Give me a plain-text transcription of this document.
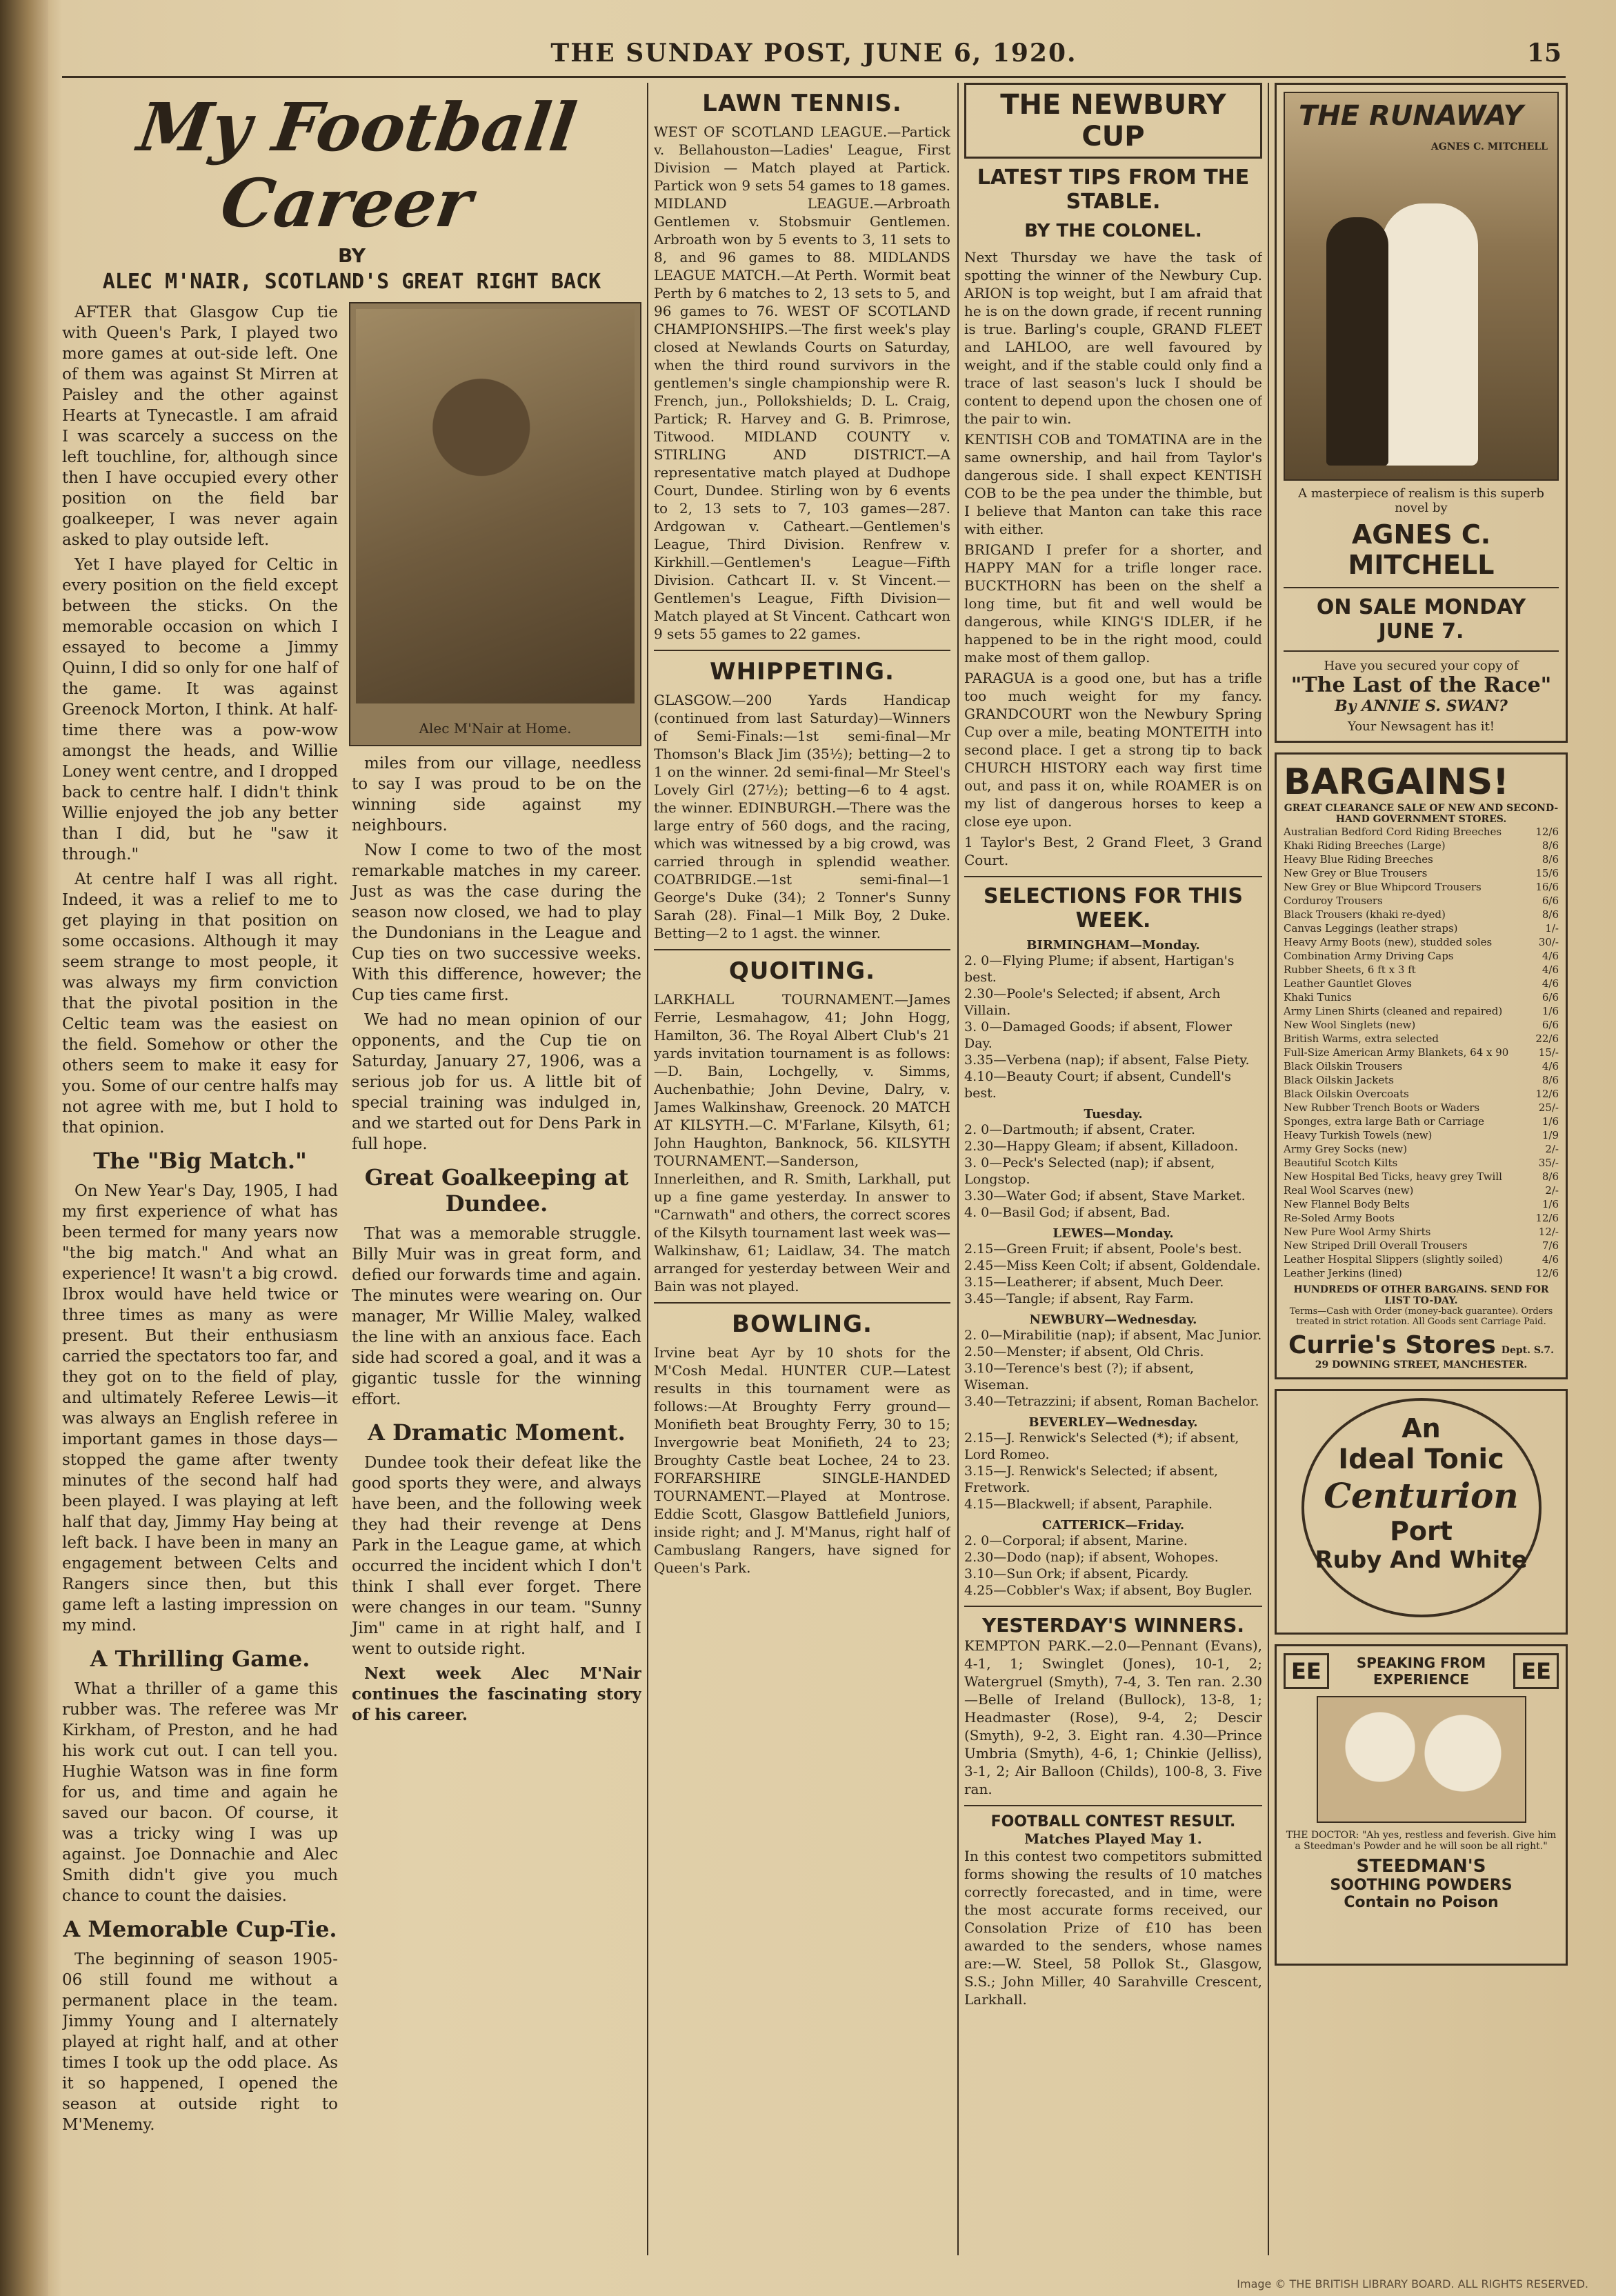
THE SUNDAY POST, JUNE 6, 1920.	15
My Football Career
BY
ALEC M'NAIR, SCOTLAND'S GREAT RIGHT BACK
Alec M'Nair at Home.

AFTER that Glasgow Cup tie with Queen's Park, I played two more games at out-side left. One of them was against St Mirren at Paisley and the other against Hearts at Tynecastle. I am afraid I was scarcely a success on the left touchline, for, although since then I have occupied every other position on the field bar goalkeeper, I was never again asked to play outside left.

Yet I have played for Celtic in every position on the field except between the sticks. On the memorable occasion on which I essayed to become a Jimmy Quinn, I did so only for one half of the game. It was against Greenock Morton, I think. At half-time there was a pow-wow amongst the heads, and Willie Loney went centre, and I dropped back to centre half. I didn't think Willie enjoyed the job any better than I did, but he "saw it through."

At centre half I was all right. Indeed, it was a relief to me to get playing in that position on some occasions. Although it may seem strange to most people, it was always my firm conviction that the pivotal position in the Celtic team was the easiest on the field. Somehow or other the others seem to make it easy for you. Some of our centre halfs may not agree with me, but I hold to that opinion.

The "Big Match."

On New Year's Day, 1905, I had my first experience of what has been termed for many years now "the big match." And what an experience! It wasn't a big crowd. Ibrox would have held twice or three times as many as were present. But their enthusiasm carried the spectators too far, and they got on to the field of play, and ultimately Referee Lewis—it was always an English referee in important games in those days—stopped the game after twenty minutes of the second half had been played. I was playing at left half that day, Jimmy Hay being at left back. I have been in many an engagement between Celts and Rangers since then, but this game left a lasting impression on my mind.

A Thrilling Game.

What a thriller of a game this rubber was. The referee was Mr Kirkham, of Preston, and he had his work cut out. I can tell you. Hughie Watson was in fine form for us, and time and again he saved our bacon. Of course, it was a tricky wing I was up against. Joe Donnachie and Alec Smith didn't give you much chance to count the daisies.

A Memorable Cup-Tie.

The beginning of season 1905-06 still found me without a permanent place in the team. Jimmy Young and I alternately played at right half, and at other times I took up the odd place. As it so happened, I opened the season at outside right to M'Menemy.

miles from our village, needless to say I was proud to be on the winning side against my neighbours.

Now I come to two of the most remarkable matches in my career. Just as was the case during the season now closed, we had to play the Dundonians in the League and Cup ties on two successive weeks. With this difference, however; the Cup ties came first.

We had no mean opinion of our opponents, and the Cup tie on Saturday, January 27, 1906, was a serious job for us. A little bit of special training was indulged in, and we started out for Dens Park in full hope.

Great Goalkeeping at Dundee.

That was a memorable struggle. Billy Muir was in great form, and defied our forwards time and again. The minutes were wearing on. Our manager, Mr Willie Maley, walked the line with an anxious face. Each side had scored a goal, and it was a gigantic tussle for the winning effort.

A Dramatic Moment.

Dundee took their defeat like the good sports they were, and always have been, and the following week they had their revenge at Dens Park in the League game, at which occurred the incident which I don't think I shall ever forget. There were changes in our team. "Sunny Jim" came in at right half, and I went to outside right.

Next week Alec M'Nair continues the fascinating story of his career.

LAWN TENNIS.

WEST OF SCOTLAND LEAGUE.—Partick v. Bellahouston—Ladies' League, First Division — Match played at Partick. Partick won 9 sets 54 games to 18 games. MIDLAND LEAGUE.—Arbroath Gentlemen v. Stobsmuir Gentlemen. Arbroath won by 5 events to 3, 11 sets to 8, and 96 games to 88. MIDLANDS LEAGUE MATCH.—At Perth. Wormit beat Perth by 6 matches to 2, 13 sets to 5, and 96 games to 76. WEST OF SCOTLAND CHAMPIONSHIPS.—The first week's play closed at Newlands Courts on Saturday, when the third round survivors in the gentlemen's single championship were R. French, jun., Pollokshields; D. L. Craig, Partick; R. Harvey and G. B. Primrose, Titwood. MIDLAND COUNTY v. STIRLING AND DISTRICT.—A representative match played at Dudhope Court, Dundee. Stirling won by 6 events to 2, 13 sets to 7, 103 games—287. Ardgowan v. Catheart.—Gentlemen's League, Third Division. Renfrew v. Kirkhill.—Gentlemen's League—Fifth Division. Cathcart II. v. St Vincent.—Gentlemen's League, Fifth Division—Match played at St Vincent. Cathcart won 9 sets 55 games to 22 games.

WHIPPETING.

GLASGOW.—200 Yards Handicap (continued from last Saturday)—Winners of Semi-Finals:—1st semi-final—Mr Thomson's Black Jim (35½); betting—2 to 1 on the winner. 2d semi-final—Mr Steel's Lovely Girl (27½); betting—6 to 4 agst. the winner. EDINBURGH.—There was the large entry of 560 dogs, and the racing, which was witnessed by a big crowd, was carried through in splendid weather. COATBRIDGE.—1st semi-final—1 George's Duke (34); 2 Tonner's Sunny Sarah (28). Final—1 Milk Boy, 2 Duke. Betting—2 to 1 agst. the winner.

QUOITING.

LARKHALL TOURNAMENT.—James Ferrie, Lesmahagow, 41; John Hogg, Hamilton, 36. The Royal Albert Club's 21 yards invitation tournament is as follows:—D. Bain, Lochgelly, v. Simms, Auchenbathie; John Devine, Dalry, v. James Walkinshaw, Greenock. 20 MATCH AT KILSYTH.—C. M'Farlane, Kilsyth, 61; John Haughton, Banknock, 56. KILSYTH TOURNAMENT.—Sanderson, Innerleithen, and R. Smith, Larkhall, put up a fine game yesterday. In answer to "Carnwath" and others, the correct scores of the Kilsyth tournament last week was—Walkinshaw, 61; Laidlaw, 34. The match arranged for yesterday between Weir and Bain was not played.

BOWLING.

Irvine beat Ayr by 10 shots for the M'Cosh Medal. HUNTER CUP.—Latest results in this tournament were as follows:—At Broughty Ferry ground—Monifieth beat Broughty Ferry, 30 to 15; Invergowrie beat Monifieth, 24 to 23; Broughty Castle beat Lochee, 24 to 23. FORFARSHIRE SINGLE-HANDED TOURNAMENT.—Played at Montrose. Eddie Scott, Glasgow Battlefield Juniors, inside right; and J. M'Manus, right half of Cambuslang Rangers, have signed for Queen's Park.

THE NEWBURY CUP
LATEST TIPS FROM THE STABLE.
BY THE COLONEL.

Next Thursday we have the task of spotting the winner of the Newbury Cup. ARION is top weight, but I am afraid that he is on the down grade, if recent running is true. Barling's couple, GRAND FLEET and LAHLOO, are well favoured by weight, and if the stable could only find a trace of last season's luck I should be content to depend upon the chosen one of the pair to win.

KENTISH COB and TOMATINA are in the same ownership, and hail from Taylor's dangerous side. I shall expect KENTISH COB to be the pea under the thimble, but I believe that Manton can take this race with either.

BRIGAND I prefer for a shorter, and HAPPY MAN for a trifle longer race. BUCKTHORN has been on the shelf a long time, but fit and well would be dangerous, while KING'S IDLER, if he happened to be in the right mood, could make most of them gallop.

PARAGUA is a good one, but has a trifle too much weight for my fancy. GRANDCOURT won the Newbury Spring Cup over a mile, beating MONTEITH into second place. I get a strong tip to back CHURCH HISTORY each way first time out, and pass it on, while ROAMER is on my list of dangerous horses to keep a close eye upon.

1 Taylor's Best, 2 Grand Fleet, 3 Grand Court.

SELECTIONS FOR THIS WEEK.
BIRMINGHAM—Monday.

2. 0—Flying Plume; if absent, Hartigan's best.

2.30—Poole's Selected; if absent, Arch Villain.

3. 0—Damaged Goods; if absent, Flower Day.

3.35—Verbena (nap); if absent, False Piety.

4.10—Beauty Court; if absent, Cundell's best.

Tuesday.

2. 0—Dartmouth; if absent, Crater.

2.30—Happy Gleam; if absent, Killadoon.

3. 0—Peck's Selected (nap); if absent, Longstop.

3.30—Water God; if absent, Stave Market.

4. 0—Basil God; if absent, Bad.

LEWES—Monday.

2.15—Green Fruit; if absent, Poole's best.

2.45—Miss Keen Colt; if absent, Goldendale.

3.15—Leatherer; if absent, Much Deer.

3.45—Tangle; if absent, Ray Farm.

NEWBURY—Wednesday.

2. 0—Mirabilitie (nap); if absent, Mac Junior.

2.50—Menster; if absent, Old Chris.

3.10—Terence's best (?); if absent, Wiseman.

3.40—Tetrazzini; if absent, Roman Bachelor.

BEVERLEY—Wednesday.

2.15—J. Renwick's Selected (*); if absent, Lord Romeo.

3.15—J. Renwick's Selected; if absent, Fretwork.

4.15—Blackwell; if absent, Paraphile.

CATTERICK—Friday.

2. 0—Corporal; if absent, Marine.

2.30—Dodo (nap); if absent, Wohopes.

3.10—Sun Ork; if absent, Picardy.

4.25—Cobbler's Wax; if absent, Boy Bugler.

YESTERDAY'S WINNERS.

KEMPTON PARK.—2.0—Pennant (Evans), 4-1, 1; Swinglet (Jones), 10-1, 2; Watergruel (Smyth), 7-4, 3. Ten ran. 2.30—Belle of Ireland (Bullock), 13-8, 1; Headmaster (Rose), 9-4, 2; Descir (Smyth), 9-2, 3. Eight ran. 4.30—Prince Umbria (Smyth), 4-6, 1; Chinkie (Jelliss), 3-1, 2; Air Balloon (Childs), 100-8, 3. Five ran.

FOOTBALL CONTEST RESULT.
Matches Played May 1.

In this contest two competitors submitted forms showing the results of 10 matches correctly forecasted, and in time, were the most accurate forms received, our Consolation Prize of £10 has been awarded to the senders, whose names are:—W. Steel, 58 Pollok St., Glasgow, S.S.; John Miller, 40 Sarahville Crescent, Larkhall.

THE RUNAWAY
AGNES C. MITCHELL
A masterpiece of realism is this superb novel by
AGNES C. MITCHELL
ON SALE MONDAY
JUNE 7.
Have you secured your copy of
"The Last of the Race"
By ANNIE S. SWAN?
Your Newsagent has it!
BARGAINS!
GREAT CLEARANCE SALE OF NEW AND SECOND-HAND GOVERNMENT STORES.
Australian Bedford Cord Riding Breeches	12/6
Khaki Riding Breeches (Large)	8/6
Heavy Blue Riding Breeches	8/6
New Grey or Blue Trousers	15/6
New Grey or Blue Whipcord Trousers	16/6
Corduroy Trousers	6/6
Black Trousers (khaki re-dyed)	8/6
Canvas Leggings (leather straps)	1/-
Heavy Army Boots (new), studded soles	30/-
Combination Army Driving Caps	4/6
Rubber Sheets, 6 ft x 3 ft	4/6
Leather Gauntlet Gloves	4/6
Khaki Tunics	6/6
Army Linen Shirts (cleaned and repaired)	1/6
New Wool Singlets (new)	6/6
British Warms, extra selected	22/6
Full-Size American Army Blankets, 64 x 90	15/-
Black Oilskin Trousers	4/6
Black Oilskin Jackets	8/6
Black Oilskin Overcoats	12/6
New Rubber Trench Boots or Waders	25/-
Sponges, extra large Bath or Carriage	1/6
Heavy Turkish Towels (new)	1/9
Army Grey Socks (new)	2/-
Beautiful Scotch Kilts	35/-
New Hospital Bed Ticks, heavy grey Twill	8/6
Real Wool Scarves (new)	2/-
New Flannel Body Belts	1/6
Re-Soled Army Boots	12/6
New Pure Wool Army Shirts	12/-
New Striped Drill Overall Trousers	7/6
Leather Hospital Slippers (slightly soiled)	4/6
Leather Jerkins (lined)	12/6
HUNDREDS OF OTHER BARGAINS. SEND FOR LIST TO-DAY.
Terms—Cash with Order (money-back guarantee). Orders treated in strict rotation. All Goods sent Carriage Paid.
Currie's Stores Dept. S.7.
29 DOWNING STREET, MANCHESTER.
An
Ideal Tonic
Centurion
Port
Ruby And White
EE	SPEAKING FROM EXPERIENCE	EE
THE DOCTOR: "Ah yes, restless and feverish. Give him a Steedman's Powder and he will soon be all right."
STEEDMAN'S
SOOTHING POWDERS
Contain no Poison
Image © THE BRITISH LIBRARY BOARD. ALL RIGHTS RESERVED.
